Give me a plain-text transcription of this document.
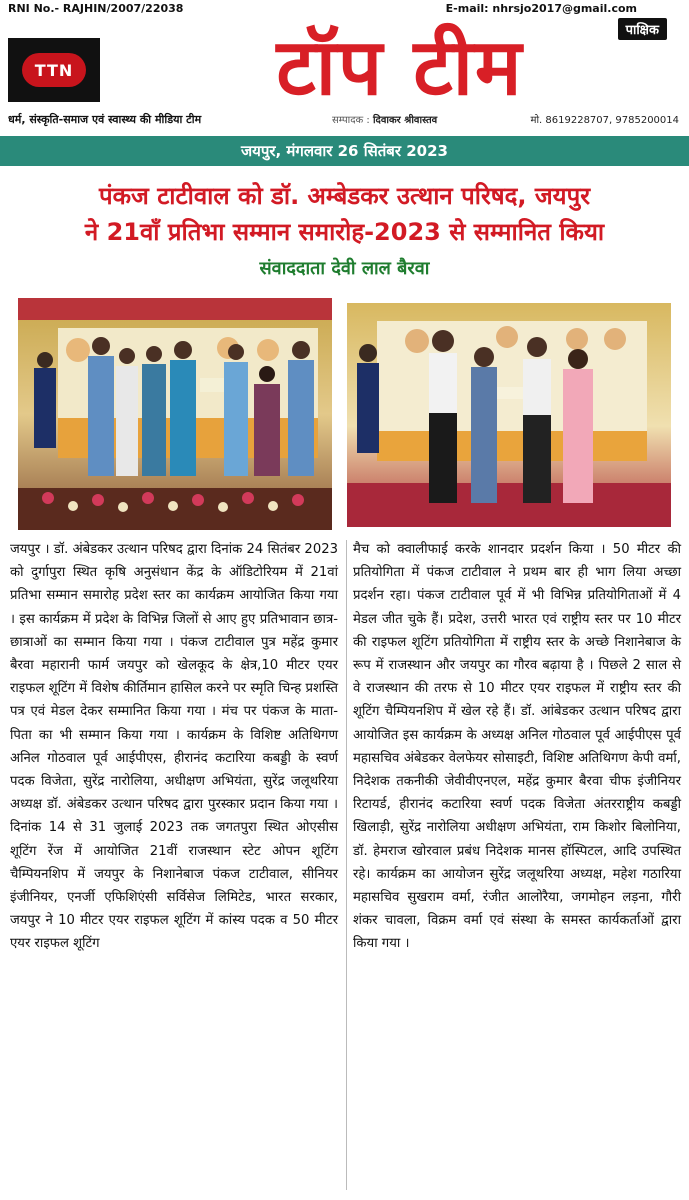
RNI No.- RAJHIN/2007/22038	E-mail: nhrsjo2017@gmail.com
पाक्षिक
TTN	टॉप टीम
धर्म, संस्कृति-समाज एवं स्वास्थ्य की मीडिया टीम	सम्पादक : दिवाकर श्रीवास्तव	मो. 8619228707, 9785200014
जयपुर, मंगलवार 26 सितंबर 2023
पंकज टाटीवाल को डॉ. अम्बेडकर उत्थान परिषद, जयपुर
ने 21वाँ प्रतिभा सम्मान समारोह-2023 से सम्मानित किया
संवाददाता देवी लाल बैरवा
जयपुर । डॉ. अंबेडकर उत्थान परिषद द्वारा दिनांक 24 सितंबर 2023 को दुर्गापुरा स्थित कृषि अनुसंधान केंद्र के ऑडिटोरियम में 21वां प्रतिभा सम्मान समारोह प्रदेश स्तर का कार्यक्रम आयोजित किया गया । इस कार्यक्रम में प्रदेश के विभिन्न जिलों से आए हुए प्रतिभावान छात्र-छात्राओं का सम्मान किया गया । पंकज टाटीवाल पुत्र महेंद्र कुमार बैरवा महारानी फार्म जयपुर को खेलकूद के क्षेत्र,10 मीटर एयर राइफल शूटिंग में विशेष कीर्तिमान हासिल करने पर स्मृति चिन्ह प्रशस्ति पत्र एवं मेडल देकर सम्मानित किया गया । मंच पर पंकज के माता-पिता का भी सम्मान किया गया । कार्यक्रम के विशिष्ट अतिथिगण अनिल गोठवाल पूर्व आईपीएस, हीरानंद कटारिया कबड्डी के स्वर्ण पदक विजेता, सुरेंद्र नारोलिया, अधीक्षण अभियंता, सुरेंद्र जलूथरिया अध्यक्ष डॉ. अंबेडकर उत्थान परिषद द्वारा पुरस्कार प्रदान किया गया । दिनांक 14 से 31 जुलाई 2023 तक जगतपुरा स्थित ओएसीस शूटिंग रेंज में आयोजित 21वीं राजस्थान स्टेट ओपन शूटिंग चैम्पियनशिप में जयपुर के निशानेबाज पंकज टाटीवाल, सीनियर इंजीनियर, एनर्जी एफिशिएंसी सर्विसेज लिमिटेड, भारत सरकार, जयपुर ने 10 मीटर एयर राइफल शूटिंग में कांस्य पदक व 50 मीटर एयर राइफल शूटिंग
मैच को क्वालीफाई करके शानदार प्रदर्शन किया । 50 मीटर की प्रतियोगिता में पंकज टाटीवाल ने प्रथम बार ही भाग लिया अच्छा प्रदर्शन रहा। पंकज टाटीवाल पूर्व में भी विभिन्न प्रतियोगिताओं में 4 मेडल जीत चुके हैं। प्रदेश, उत्तरी भारत एवं राष्ट्रीय स्तर पर 10 मीटर की राइफल शूटिंग प्रतियोगिता में राष्ट्रीय स्तर के अच्छे निशानेबाज के रूप में राजस्थान और जयपुर का गौरव बढ़ाया है । पिछले 2 साल से वे राजस्थान की तरफ से 10 मीटर एयर राइफल में राष्ट्रीय स्तर की शूटिंग चैम्पियनशिप में खेल रहे हैं। डॉ. आंबेडकर उत्थान परिषद द्वारा आयोजित इस कार्यक्रम के अध्यक्ष अनिल गोठवाल पूर्व आईपीएस पूर्व महासचिव अंबेडकर वेलफेयर सोसाइटी, विशिष्ट अतिथिगण केपी वर्मा, निदेशक तकनीकी जेवीवीएनएल, महेंद्र कुमार बैरवा चीफ इंजीनियर रिटायर्ड, हीरानंद कटारिया स्वर्ण पदक विजेता अंतरराष्ट्रीय कबड्डी खिलाड़ी, सुरेंद्र नारोलिया अधीक्षण अभियंता, राम किशोर बिलोनिया, डॉ. हेमराज खोरवाल प्रबंध निदेशक मानस हॉस्पिटल, आदि उपस्थित रहे। कार्यक्रम का आयोजन सुरेंद्र जलूथरिया अध्यक्ष, महेश गठारिया महासचिव सुखराम वर्मा, रंजीत आलोरैया, जगमोहन लड़ना, गौरी शंकर चावला, विक्रम वर्मा एवं संस्था के समस्त कार्यकर्ताओं द्वारा किया गया ।
